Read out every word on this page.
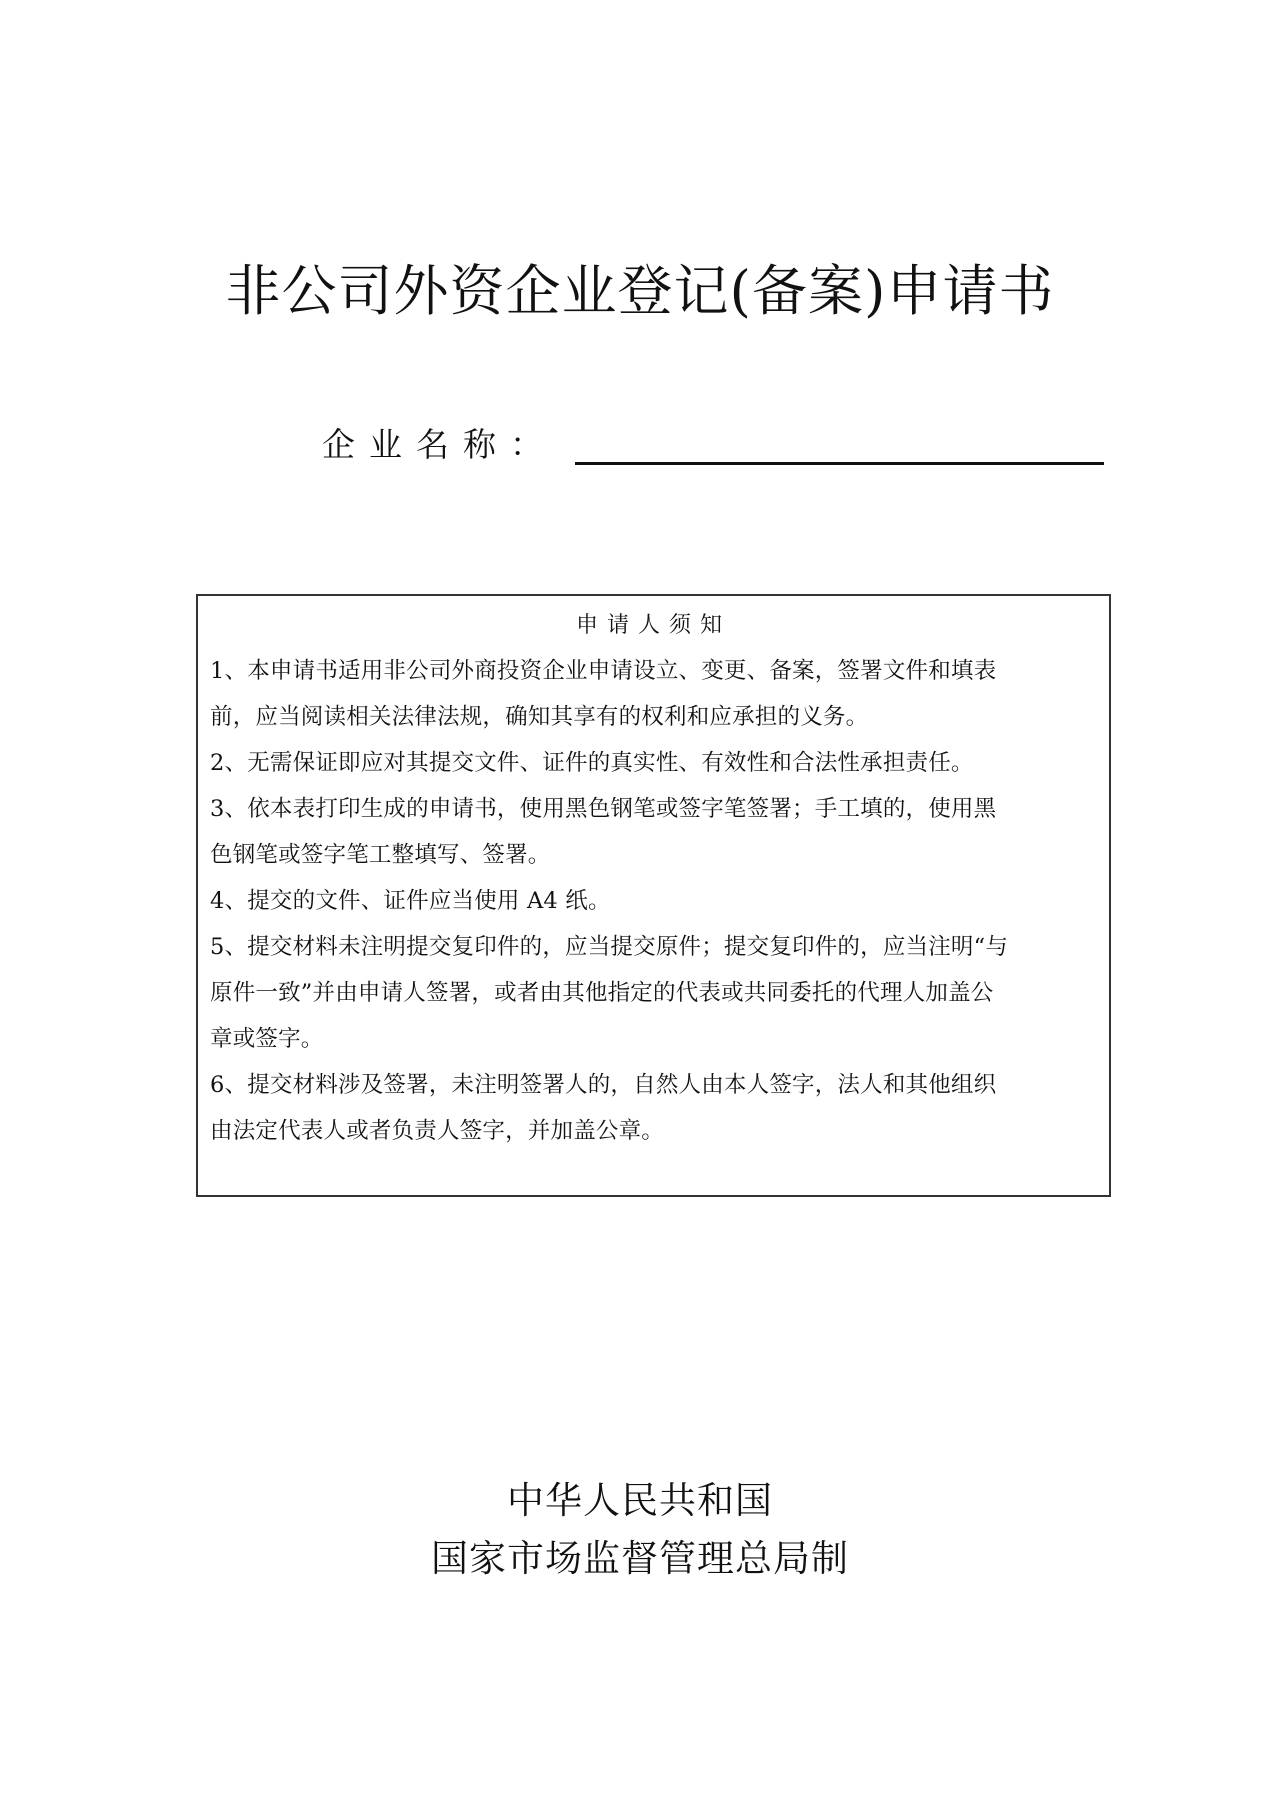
非公司外资企业登记(备案)申请书
企业名称：
申请人须知
1、本申请书适用非公司外商投资企业申请设立、变更、备案，签署文件和填表
前，应当阅读相关法律法规，确知其享有的权利和应承担的义务。
2、无需保证即应对其提交文件、证件的真实性、有效性和合法性承担责任。
3、依本表打印生成的申请书，使用黑色钢笔或签字笔签署；手工填的，使用黑
色钢笔或签字笔工整填写、签署。
4、提交的文件、证件应当使用 A4 纸。
5、提交材料未注明提交复印件的，应当提交原件；提交复印件的，应当注明“与
原件一致”并由申请人签署，或者由其他指定的代表或共同委托的代理人加盖公
章或签字。
6、提交材料涉及签署，未注明签署人的，自然人由本人签字，法人和其他组织
由法定代表人或者负责人签字，并加盖公章。
中华人民共和国
国家市场监督管理总局制
